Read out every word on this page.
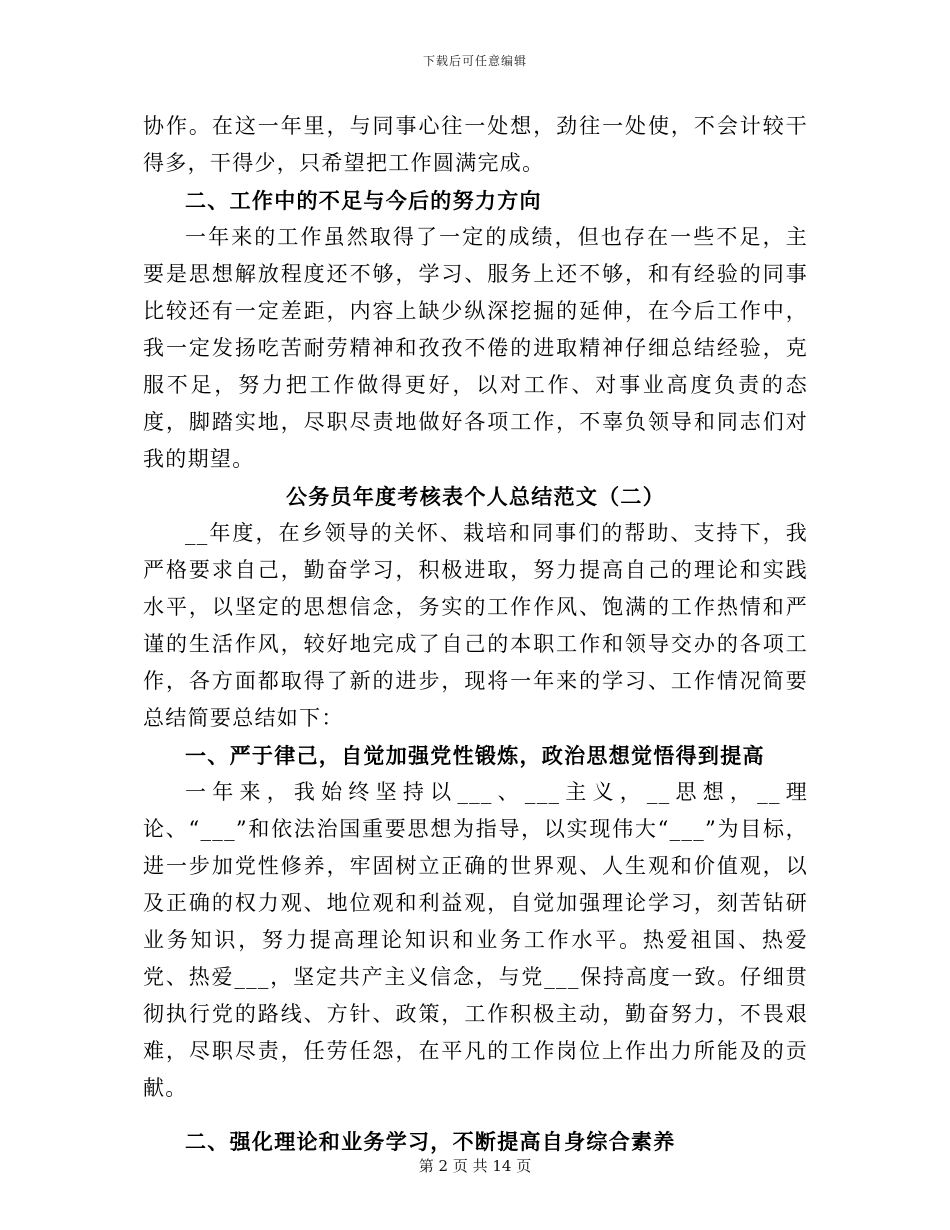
下载后可任意编辑

协作。在这一年里，与同事心往一处想，劲往一处使，不会计较干得多，干得少，只希望把工作圆满完成。

二、工作中的不足与今后的努力方向

一年来的工作虽然取得了一定的成绩，但也存在一些不足，主要是思想解放程度还不够，学习、服务上还不够，和有经验的同事比较还有一定差距，内容上缺少纵深挖掘的延伸，在今后工作中，我一定发扬吃苦耐劳精神和孜孜不倦的进取精神仔细总结经验，克服不足，努力把工作做得更好，以对工作、对事业高度负责的态度，脚踏实地，尽职尽责地做好各项工作，不辜负领导和同志们对我的期望。

公务员年度考核表个人总结范文（二）

__年度，在乡领导的关怀、栽培和同事们的帮助、支持下，我严格要求自己，勤奋学习，积极进取，努力提高自己的理论和实践水平，以坚定的思想信念，务实的工作作风、饱满的工作热情和严谨的生活作风，较好地完成了自己的本职工作和领导交办的各项工作，各方面都取得了新的进步，现将一年来的学习、工作情况简要总结简要总结如下：

一、严于律己，自觉加强党性锻炼，政治思想觉悟得到提高

一年来，我始终坚持以___、___主义，__思想，__理论、“___”和依法治国重要思想为指导，以实现伟大“___”为目标，进一步加党性修养，牢固树立正确的世界观、人生观和价值观，以及正确的权力观、地位观和利益观，自觉加强理论学习，刻苦钻研业务知识，努力提高理论知识和业务工作水平。热爱祖国、热爱党、热爱___，坚定共产主义信念，与党___保持高度一致。仔细贯彻执行党的路线、方针、政策，工作积极主动，勤奋努力，不畏艰难，尽职尽责，任劳任怨，在平凡的工作岗位上作出力所能及的贡献。

二、强化理论和业务学习，不断提高自身综合素养

第 2 页 共 14 页
